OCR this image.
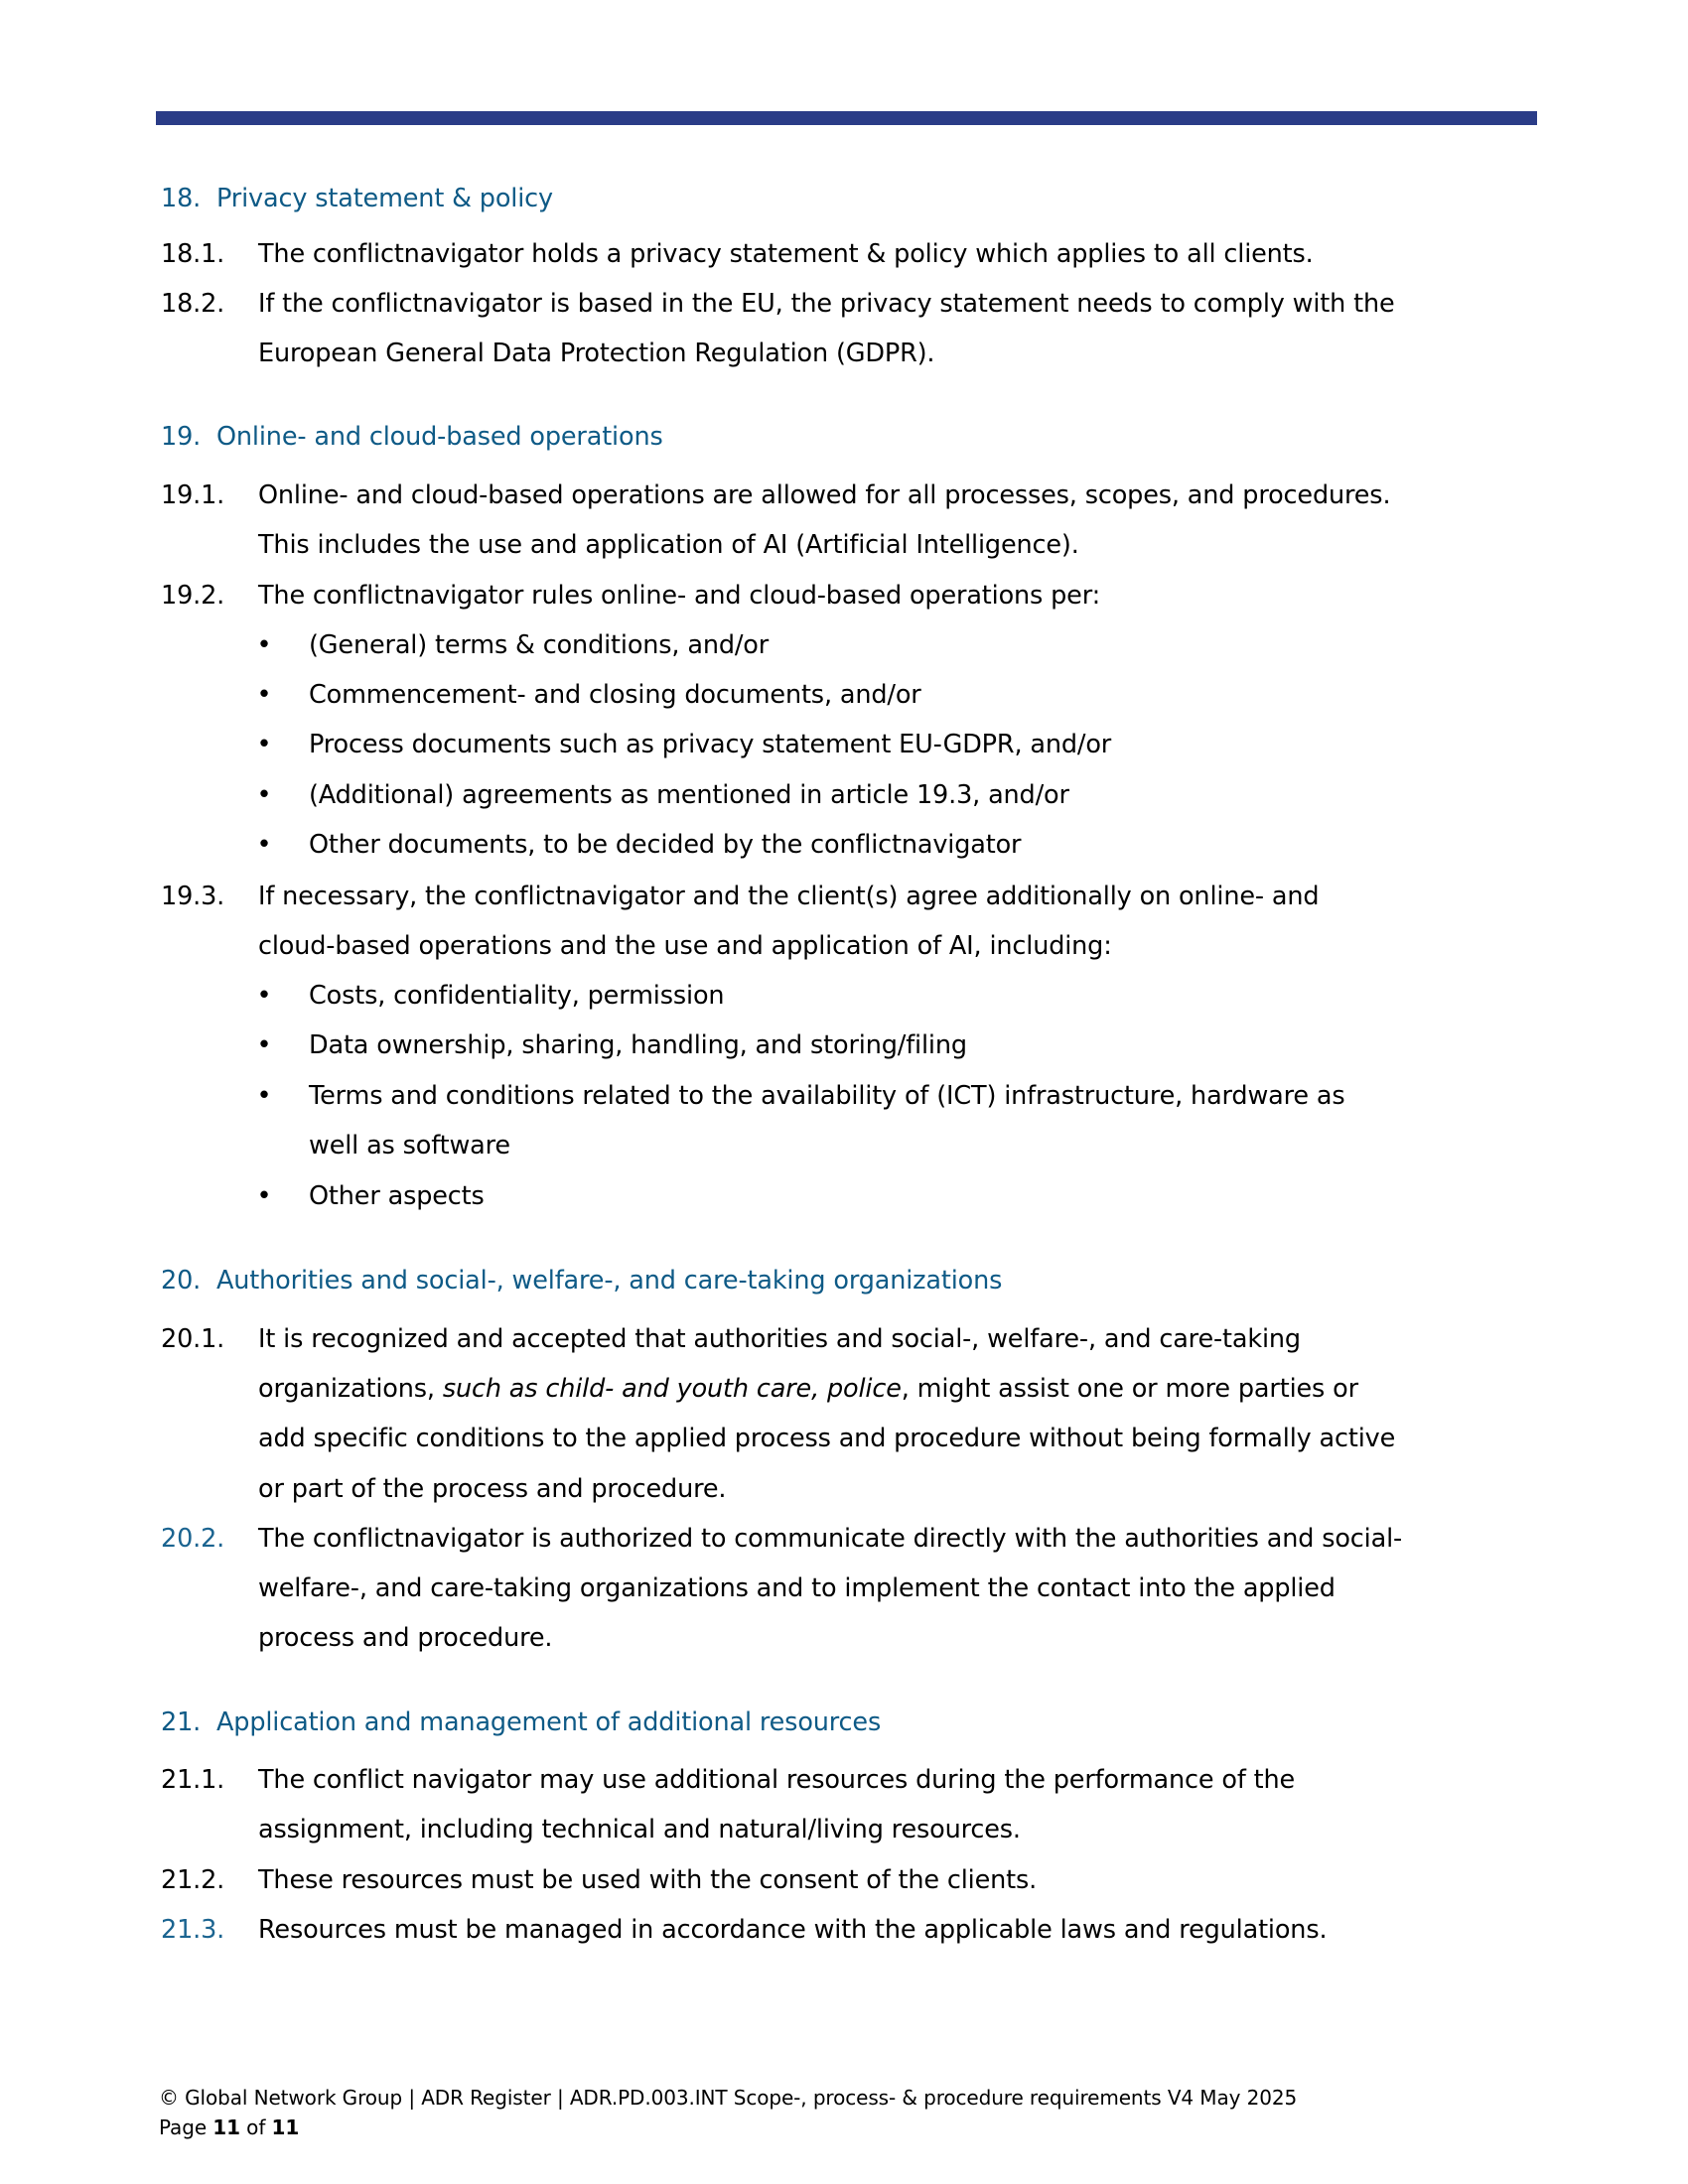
18. Privacy statement & policy
18.1. The conflictnavigator holds a privacy statement & policy which applies to all clients.
18.2. If the conflictnavigator is based in the EU, the privacy statement needs to comply with the
European General Data Protection Regulation (GDPR).
19. Online- and cloud-based operations
19.1. Online- and cloud-based operations are allowed for all processes, scopes, and procedures.
This includes the use and application of AI (Artificial Intelligence).
19.2. The conflictnavigator rules online- and cloud-based operations per:
• (General) terms & conditions, and/or
• Commencement- and closing documents, and/or
• Process documents such as privacy statement EU-GDPR, and/or
• (Additional) agreements as mentioned in article 19.3, and/or
• Other documents, to be decided by the conflictnavigator
19.3. If necessary, the conflictnavigator and the client(s) agree additionally on online- and
cloud-based operations and the use and application of AI, including:
• Costs, confidentiality, permission
• Data ownership, sharing, handling, and storing/filing
• Terms and conditions related to the availability of (ICT) infrastructure, hardware as
well as software
• Other aspects
20. Authorities and social-, welfare-, and care-taking organizations
20.1. It is recognized and accepted that authorities and social-, welfare-, and care-taking
organizations, such as child- and youth care, police, might assist one or more parties or
add specific conditions to the applied process and procedure without being formally active
or part of the process and procedure.
20.2. The conflictnavigator is authorized to communicate directly with the authorities and social-
welfare-, and care-taking organizations and to implement the contact into the applied
process and procedure.
21. Application and management of additional resources
21.1. The conflict navigator may use additional resources during the performance of the
assignment, including technical and natural/living resources.
21.2. These resources must be used with the consent of the clients.
21.3. Resources must be managed in accordance with the applicable laws and regulations.
© Global Network Group | ADR Register | ADR.PD.003.INT Scope-, process- & procedure requirements V4 May 2025
Page 11 of 11
